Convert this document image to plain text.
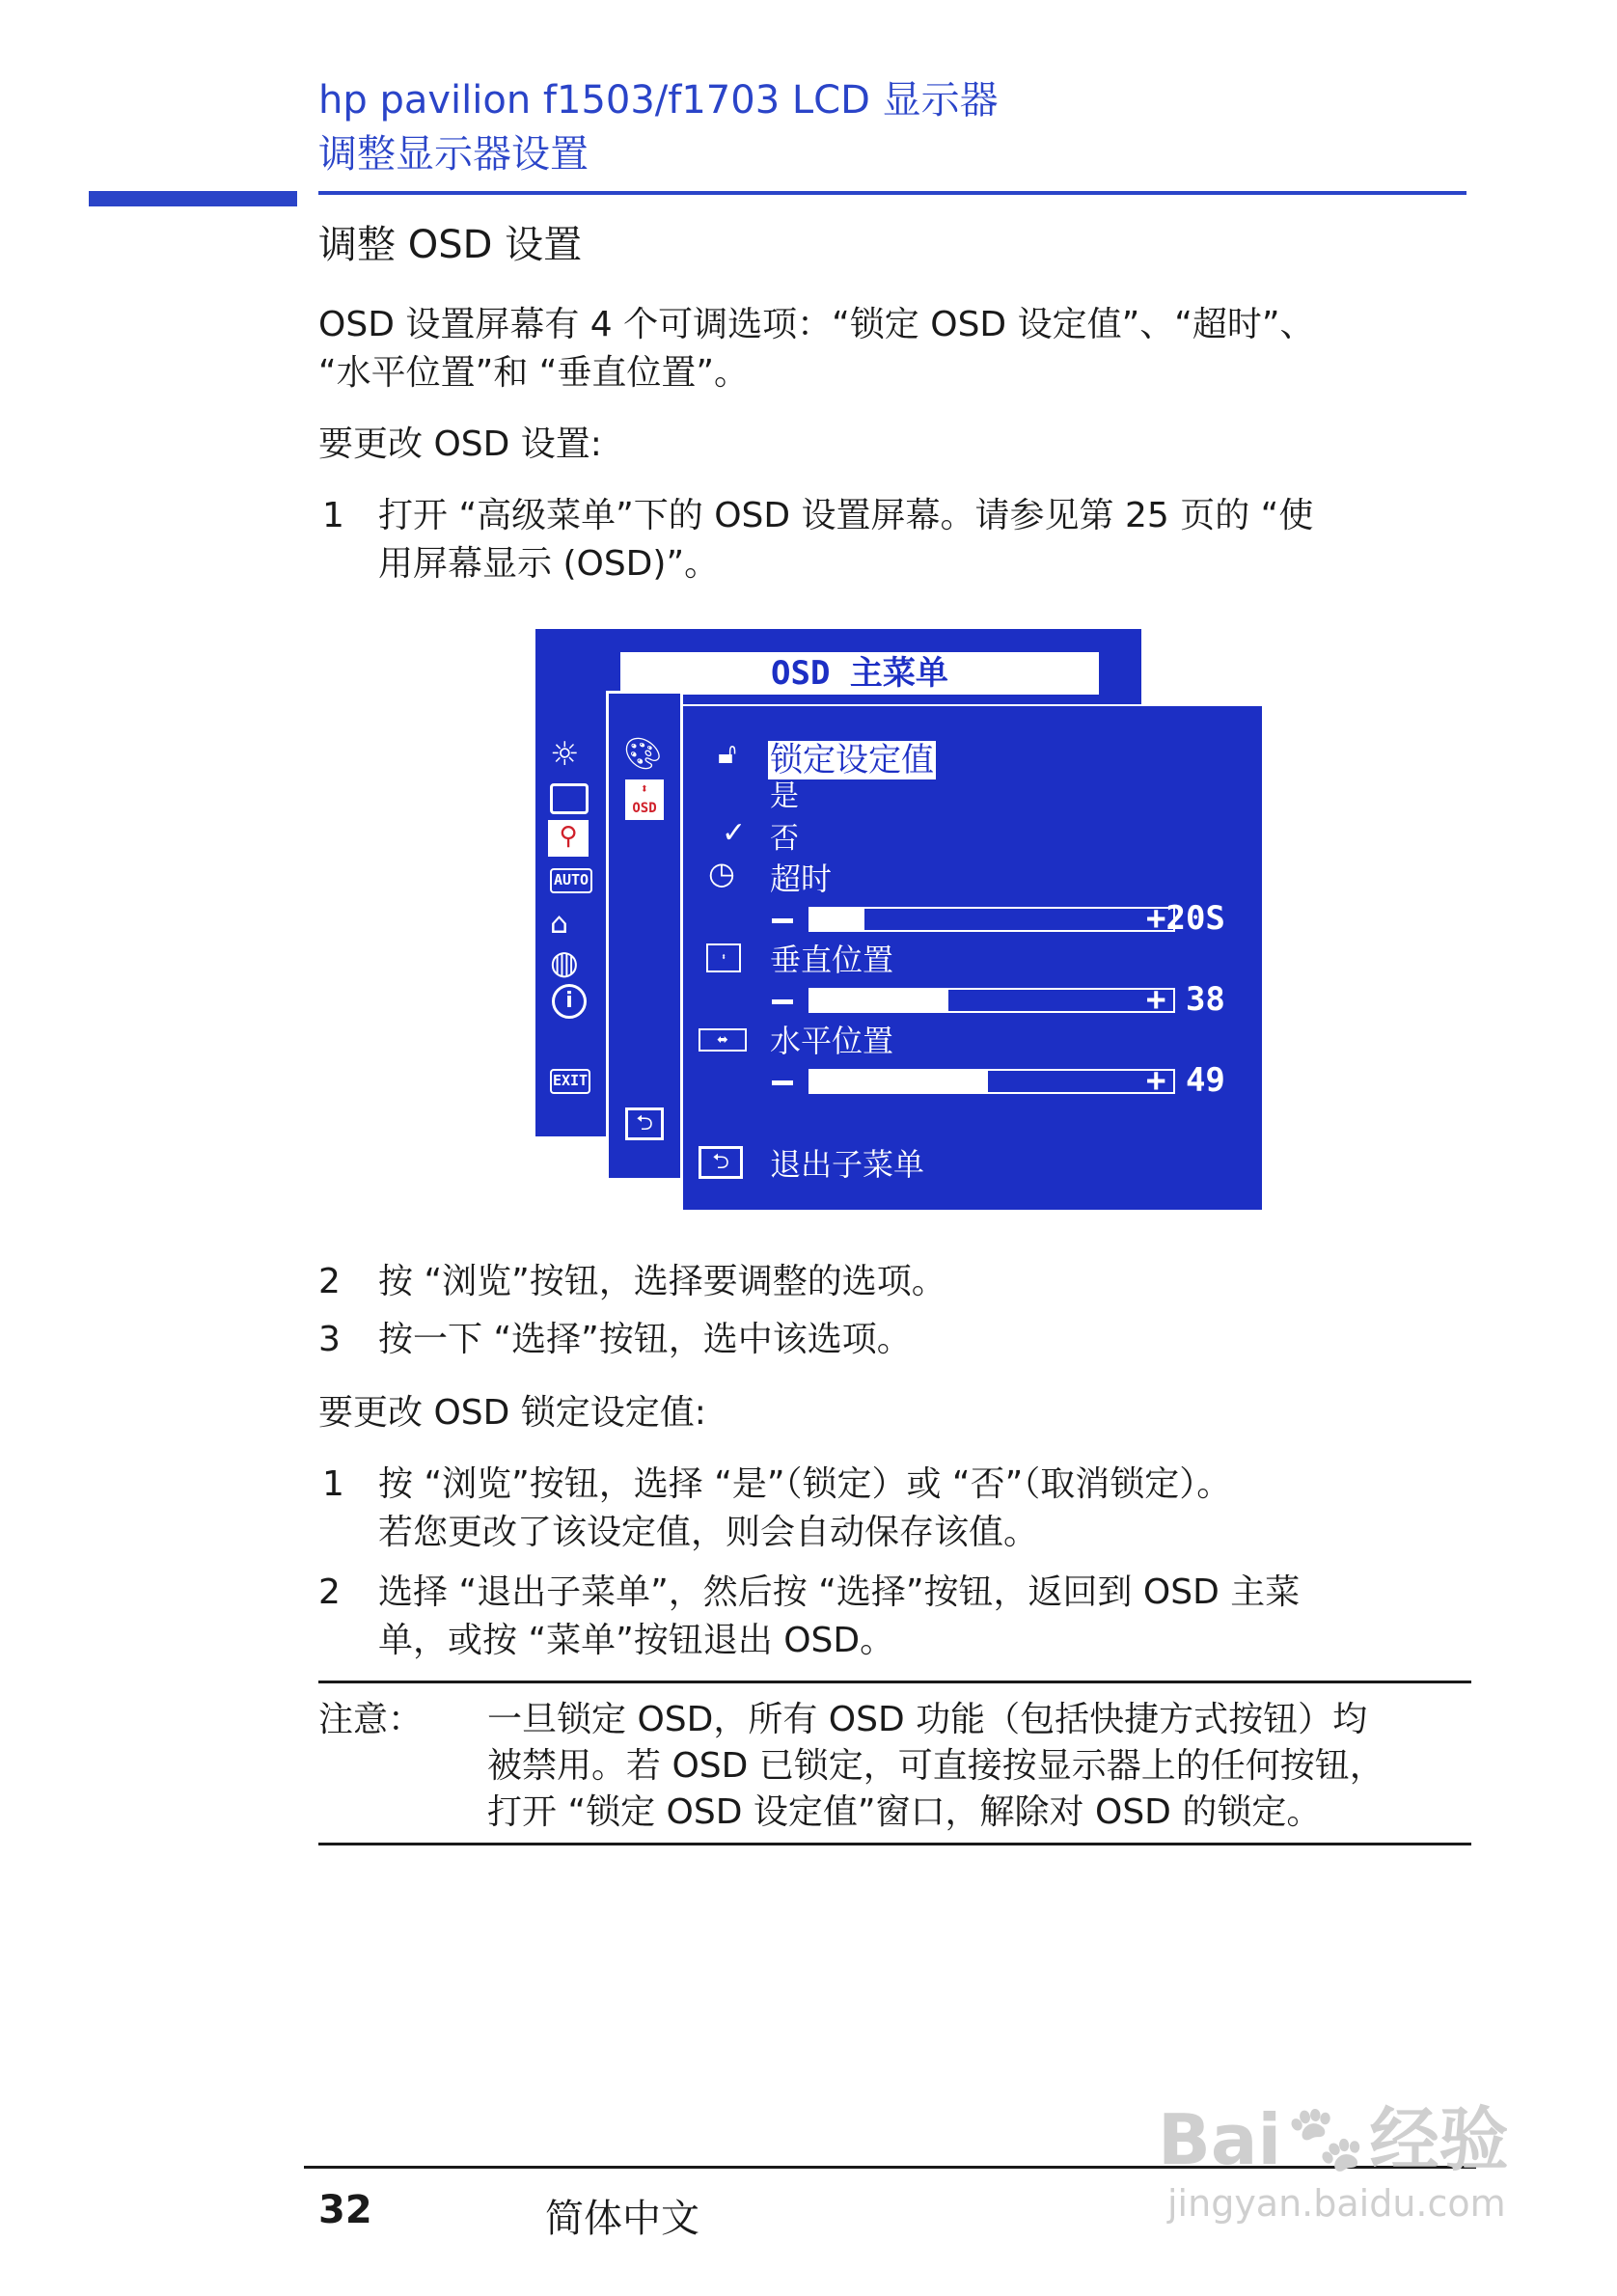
hp pavilion f1503/f1703 LCD 显示器
调整显示器设置
调整 OSD 设置
OSD 设置屏幕有 4 个可调选项：“锁定 OSD 设定值”、“超时”、
“水平位置”和 “垂直位置”。
要更改 OSD 设置:
1 打开 “高级菜单”下的 OSD 设置屏幕。请参见第 25 页的 “使
用屏幕显示 (OSD)”。
OSD 主菜单
☼
⚲
AUTO
⌂
◍
i
EXIT
🎨︎
⬍
OSD
⮌
🔓︎ 锁定设定值
是
✓ 否
◷ 超时
+20S
⬍	垂直位置
+ 38
⬌	水平位置
+ 49
⮌	退出子菜单
2 按 “浏览”按钮，选择要调整的选项。
3 按一下 “选择”按钮，选中该选项。
要更改 OSD 锁定设定值:
1 按 “浏览”按钮，选择 “是”（锁定）或 “否”（取消锁定）。
若您更改了该设定值，则会自动保存该值。
2 选择 “退出子菜单”，然后按 “选择”按钮，返回到 OSD 主菜
单，或按 “菜单”按钮退出 OSD。
注意： 一旦锁定 OSD，所有 OSD 功能（包括快捷方式按钮）均
被禁用。若 OSD 已锁定，可直接按显示器上的任何按钮，
打开 “锁定 OSD 设定值”窗口，解除对 OSD 的锁定。
32	简体中文
Bai🐾︎经验
jingyan.baidu.com
